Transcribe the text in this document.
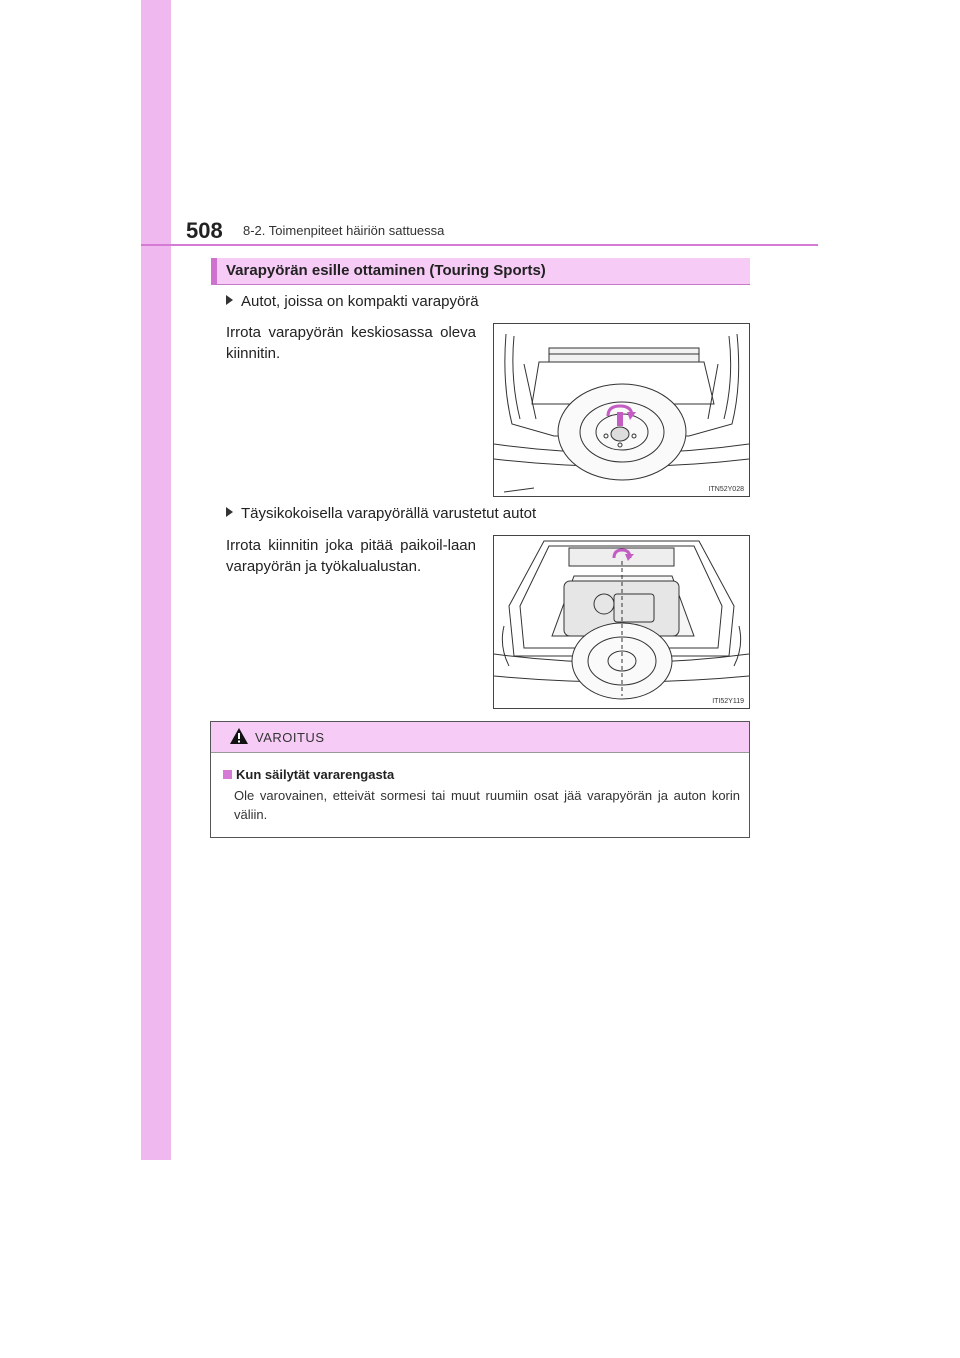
508 8-2. Toimenpiteet häiriön sattuessa
Varapyörän esille ottaminen (Touring Sports)
Autot, joissa on kompakti varapyörä
Irrota varapyörän keskiosassa oleva kiinnitin.
ITN52Y028
Täysikokoisella varapyörällä varustetut autot
Irrota kiinnitin joka pitää paikoil-laan varapyörän ja työkalualustan.
ITI52Y119
VAROITUS
Kun säilytät vararengasta
Ole varovainen, etteivät sormesi tai muut ruumiin osat jää varapyörän ja auton korin väliin.
